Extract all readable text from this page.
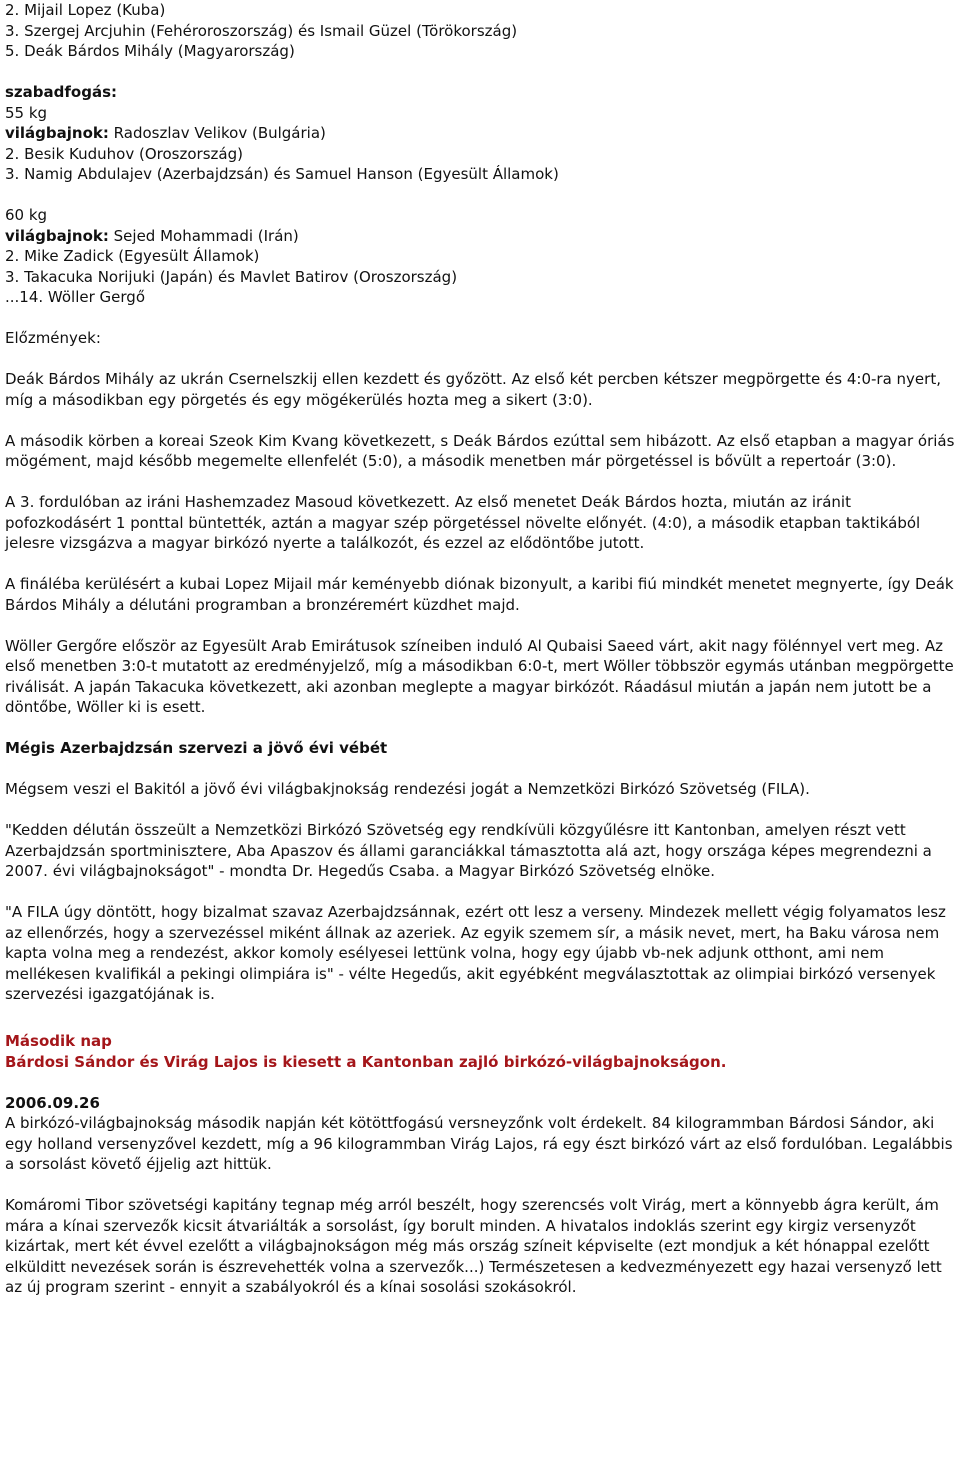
2. Mijail Lopez (Kuba)
3. Szergej Arcjuhin (Fehéroroszország) és Ismail Güzel (Törökország)
5. Deák Bárdos Mihály (Magyarország)
szabadfogás:
55 kg
világbajnok: Radoszlav Velikov (Bulgária)
2. Besik Kuduhov (Oroszország)
3. Namig Abdulajev (Azerbajdzsán) és Samuel Hanson (Egyesült Államok)
60 kg
világbajnok: Sejed Mohammadi (Irán)
2. Mike Zadick (Egyesült Államok)
3. Takacuka Norijuki (Japán) és Mavlet Batirov (Oroszország)
...14. Wöller Gergő
Előzmények:

Deák Bárdos Mihály az ukrán Csernelszkij ellen kezdett és győzött. Az első két percben kétszer megpörgette és 4:0-ra nyert, míg a másodikban egy pörgetés és egy mögékerülés hozta meg a sikert (3:0).

A második körben a koreai Szeok Kim Kvang következett, s Deák Bárdos ezúttal sem hibázott. Az első etapban a magyar óriás mögément, majd később megemelte ellenfelét (5:0), a második menetben már pörgetéssel is bővült a repertoár (3:0).

A 3. fordulóban az iráni Hashemzadez Masoud következett. Az első menetet Deák Bárdos hozta, miután az iránit pofozkodásért 1 ponttal büntették, aztán a magyar szép pörgetéssel növelte előnyét. (4:0), a második etapban taktikából jelesre vizsgázva a magyar birkózó nyerte a találkozót, és ezzel az elődöntőbe jutott.

A fináléba kerülésért a kubai Lopez Mijail már keményebb diónak bizonyult, a karibi fiú mindkét menetet megnyerte, így Deák Bárdos Mihály a délutáni programban a bronzéremért küzdhet majd.

Wöller Gergőre először az Egyesült Arab Emirátusok színeiben induló Al Qubaisi Saeed várt, akit nagy fölénnyel vert meg. Az első menetben 3:0-t mutatott az eredményjelző, míg a másodikban 6:0-t, mert Wöller többször egymás utánban megpörgette riválisát. A japán Takacuka következett, aki azonban meglepte a magyar birkózót. Ráadásul miután a japán nem jutott be a döntőbe, Wöller ki is esett.

Mégis Azerbajdzsán szervezi a jövő évi vébét

Mégsem veszi el Bakitól a jövő évi világbakjnokság rendezési jogát a Nemzetközi Birkózó Szövetség (FILA).

"Kedden délután összeült a Nemzetközi Birkózó Szövetség egy rendkívüli közgyűlésre itt Kantonban, amelyen részt vett Azerbajdzsán sportminisztere, Aba Apaszov és állami garanciákkal támasztotta alá azt, hogy országa képes megrendezni a 2007. évi világbajnokságot" - mondta Dr. Hegedűs Csaba. a Magyar Birkózó Szövetség elnöke.

"A FILA úgy döntött, hogy bizalmat szavaz Azerbajdzsánnak, ezért ott lesz a verseny. Mindezek mellett végig folyamatos lesz az ellenőrzés, hogy a szervezéssel miként állnak az azeriek. Az egyik szemem sír, a másik nevet, mert, ha Baku városa nem kapta volna meg a rendezést, akkor komoly esélyesei lettünk volna, hogy egy újabb vb-nek adjunk otthont, ami nem mellékesen kvalifikál a pekingi olimpiára is" - vélte Hegedűs, akit egyébként megválasztottak az olimpiai birkózó versenyek szervezési igazgatójának is.

Második nap
Bárdosi Sándor és Virág Lajos is kiesett a Kantonban zajló birkózó-világbajnokságon.
2006.09.26

A birkózó-világbajnokság második napján két kötöttfogású versneyzőnk volt érdekelt. 84 kilogrammban Bárdosi Sándor, aki egy holland versenyzővel kezdett, míg a 96 kilogrammban Virág Lajos, rá egy észt birkózó várt az első fordulóban. Legalábbis a sorsolást követő éjjelig azt hittük.

Komáromi Tibor szövetségi kapitány tegnap még arról beszélt, hogy szerencsés volt Virág, mert a könnyebb ágra került, ám mára a kínai szervezők kicsit átvariálták a sorsolást, így borult minden. A hivatalos indoklás szerint egy kirgiz versenyzőt kizártak, mert két évvel ezelőtt a világbajnokságon még más ország színeit képviselte (ezt mondjuk a két hónappal ezelőtt elkülditt nevezések során is észrevehették volna a szervezők...) Természetesen a kedvezményezett egy hazai versenyző lett az új program szerint - ennyit a szabályokról és a kínai sosolási szokásokról.
